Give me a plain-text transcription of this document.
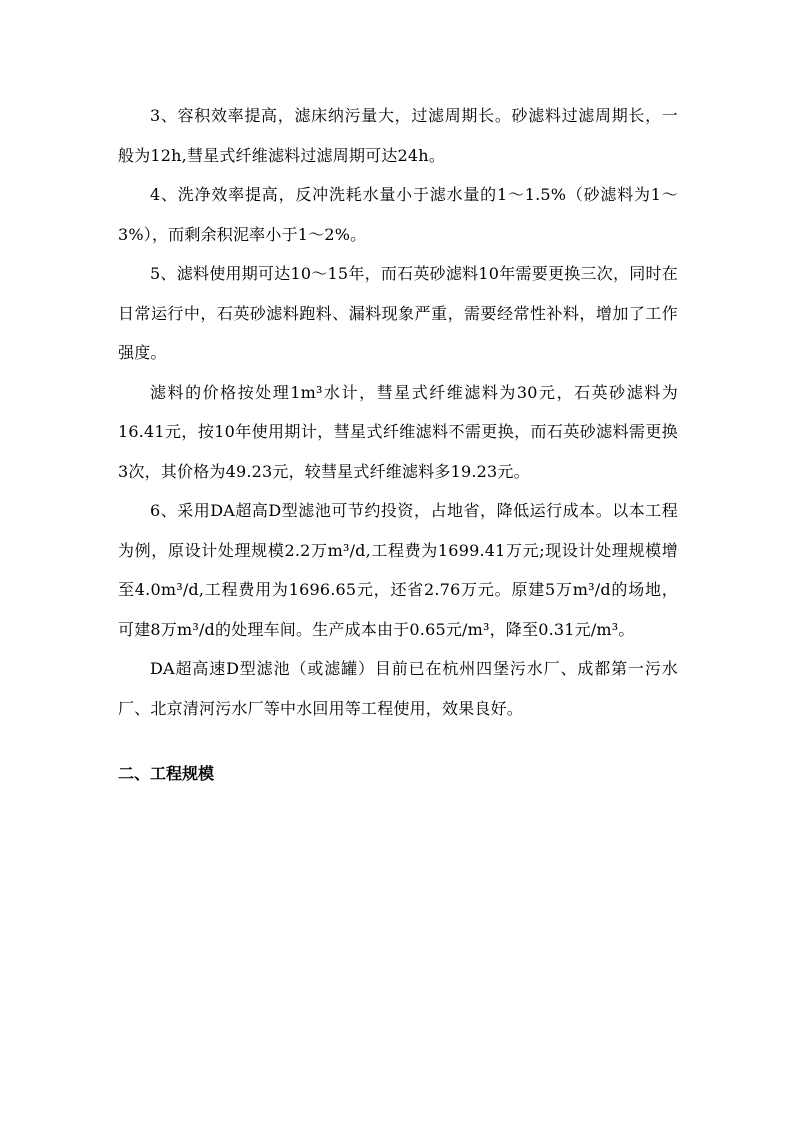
3、容积效率提高，滤床纳污量大，过滤周期长。砂滤料过滤周期长，一般为12h,彗星式纤维滤料过滤周期可达24h。

4、洗净效率提高，反冲洗耗水量小于滤水量的1～1.5%（砂滤料为1～3%），而剩余积泥率小于1～2%。

5、滤料使用期可达10～15年，而石英砂滤料10年需要更换三次，同时在日常运行中，石英砂滤料跑料、漏料现象严重，需要经常性补料，增加了工作强度。

滤料的价格按处理1m³水计，彗星式纤维滤料为30元，石英砂滤料为16.41元，按10年使用期计，彗星式纤维滤料不需更换，而石英砂滤料需更换3次，其价格为49.23元，较彗星式纤维滤料多19.23元。

6、采用DA超高D型滤池可节约投资，占地省，降低运行成本。以本工程为例，原设计处理规模2.2万m³/d,工程费为1699.41万元;现设计处理规模增至4.0m³/d,工程费用为1696.65元，还省2.76万元。原建5万m³/d的场地，可建8万m³/d的处理车间。生产成本由于0.65元/m³，降至0.31元/m³。

DA超高速D型滤池（或滤罐）目前已在杭州四堡污水厂、成都第一污水厂、北京清河污水厂等中水回用等工程使用，效果良好。

二、工程规模
